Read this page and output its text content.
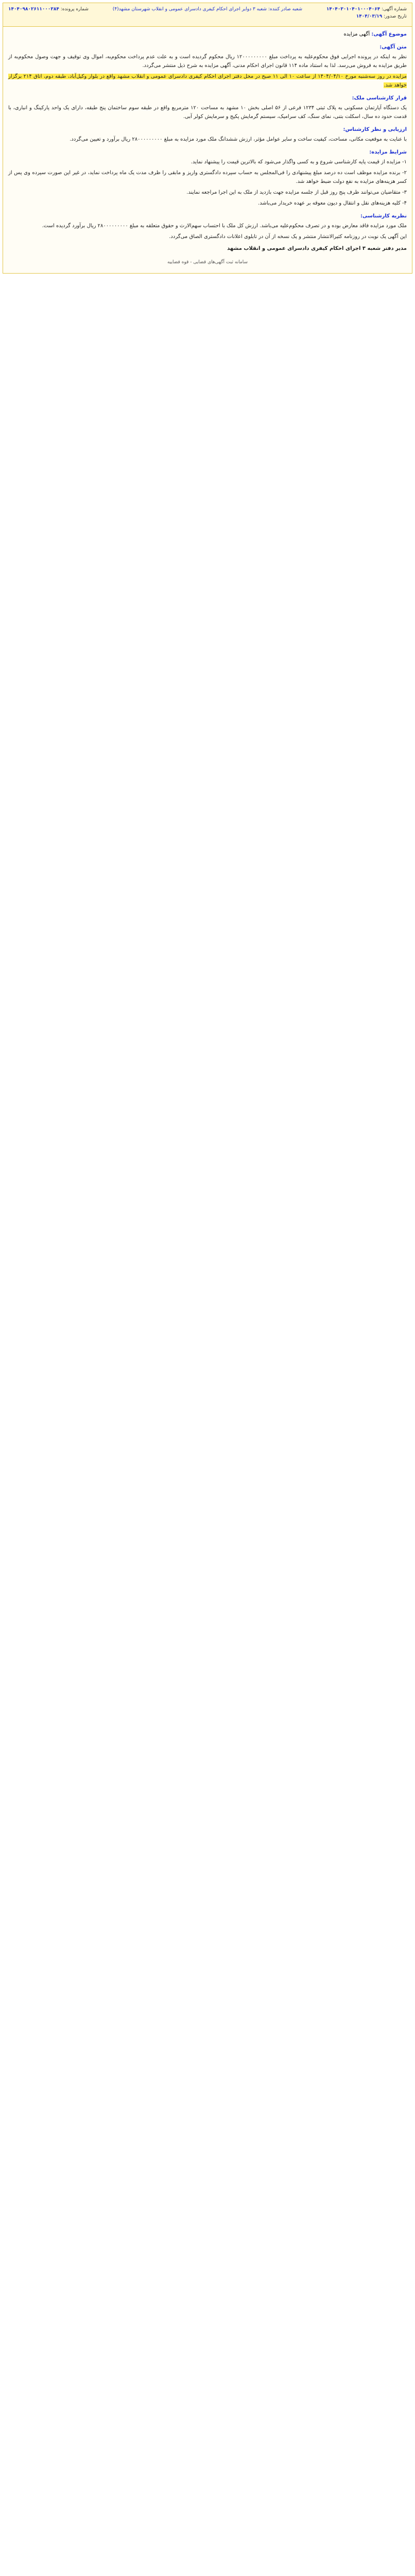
شماره آگهی: ۱۴۰۴۰۳۰۱۰۴۰۱۰۰۰۴۰۶۴
تاریخ صدور: ۱۴۰۴/۰۳/۱۹
شعبه صادر کننده: شعبه ۳ دوایر اجرای احکام کیفری دادسرای عمومی و انقلاب شهرستان مشهد(۴)
شماره پرونده: ۱۴۰۴۰۹۸۰۲۶۱۱۰۰۰۳۸۴
موضوع آگهی: آگهی مزایده
متن آگهی:

نظر به اینکه در پرونده اجرایی فوق محکوم‌علیه به پرداخت مبلغ ۱۲۰۰۰۰۰۰۰۰۰ ریال محکوم گردیده است و به علت عدم پرداخت محکوم‌به، اموال وی توقیف و جهت وصول محکوم‌به از طریق مزایده به فروش می‌رسد. لذا به استناد ماده ۱۱۴ قانون اجرای احکام مدنی، آگهی مزایده به شرح ذیل منتشر می‌گردد.

مزایده در روز سه‌شنبه مورخ ۱۴۰۴/۰۴/۱۰ از ساعت ۱۰ الی ۱۱ صبح در محل دفتر اجرای احکام کیفری دادسرای عمومی و انقلاب مشهد واقع در بلوار وکیل‌آباد، طبقه دوم، اتاق ۲۱۴ برگزار خواهد شد.

قرار کارشناسی ملک:

یک دستگاه آپارتمان مسکونی به پلاک ثبتی ۱۲۳۴ فرعی از ۵۶ اصلی بخش ۱۰ مشهد به مساحت ۱۲۰ مترمربع واقع در طبقه سوم ساختمان پنج طبقه، دارای یک واحد پارکینگ و انباری، با قدمت حدود ده سال، اسکلت بتنی، نمای سنگ، کف سرامیک، سیستم گرمایش پکیج و سرمایش کولر آبی.

ارزیابی و نظر کارشناس:

با عنایت به موقعیت مکانی، مساحت، کیفیت ساخت و سایر عوامل مؤثر، ارزش ششدانگ ملک مورد مزایده به مبلغ ۲۸۰۰۰۰۰۰۰۰۰ ریال برآورد و تعیین می‌گردد.

شرایط مزایده:

۱- مزایده از قیمت پایه کارشناسی شروع و به کسی واگذار می‌شود که بالاترین قیمت را پیشنهاد نماید.

۲- برنده مزایده موظف است ده درصد مبلغ پیشنهادی را فی‌المجلس به حساب سپرده دادگستری واریز و مابقی را ظرف مدت یک ماه پرداخت نماید، در غیر این صورت سپرده وی پس از کسر هزینه‌های مزایده به نفع دولت ضبط خواهد شد.

۳- متقاضیان می‌توانند ظرف پنج روز قبل از جلسه مزایده جهت بازدید از ملک به این اجرا مراجعه نمایند.

۴- کلیه هزینه‌های نقل و انتقال و دیون معوقه بر عهده خریدار می‌باشد.

نظریه کارشناسی:

ملک مورد مزایده فاقد معارض بوده و در تصرف محکوم‌علیه می‌باشد. ارزش کل ملک با احتساب سهم‌الارث و حقوق متعلقه به مبلغ ۲۸۰۰۰۰۰۰۰۰۰ ریال برآورد گردیده است.

این آگهی یک نوبت در روزنامه کثیرالانتشار منتشر و یک نسخه از آن در تابلوی اعلانات دادگستری الصاق می‌گردد.

مدیر دفتر شعبه ۳ اجرای احکام کیفری دادسرای عمومی و انقلاب مشهد
سامانه ثبت آگهی‌های قضایی - قوه قضاییه
